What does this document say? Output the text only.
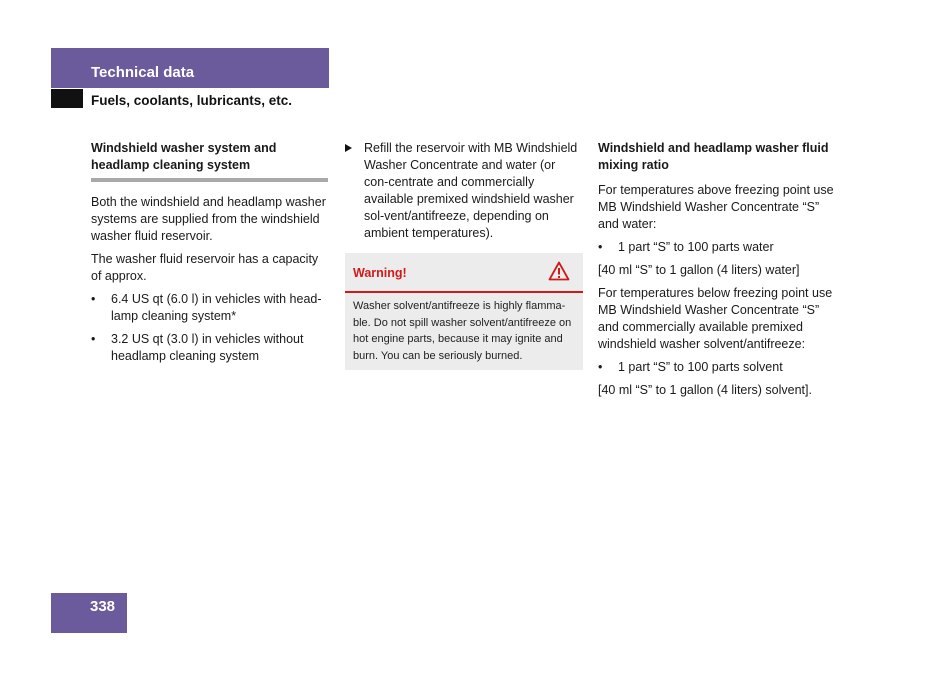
Technical data
Fuels, coolants, lubricants, etc.
Windshield washer system and
headlamp cleaning system

Both the windshield and headlamp washer systems are supplied from the windshield washer fluid reservoir.

The washer fluid reservoir has a capacity of approx.

• 6.4 US qt (6.0 l) in vehicles with head-lamp cleaning system*
• 3.2 US qt (3.0 l) in vehicles without headlamp cleaning system
Refill the reservoir with MB Windshield Washer Concentrate and water (or con-centrate and commercially available premixed windshield washer sol-vent/antifreeze, depending on ambient temperatures).
Warning!
Washer solvent/antifreeze is highly flamma-ble. Do not spill washer solvent/antifreeze on hot engine parts, because it may ignite and burn. You can be seriously burned.
Windshield and headlamp washer fluid
mixing ratio

For temperatures above freezing point use MB Windshield Washer Concentrate “S” and water:

• 1 part “S” to 100 parts water

[40 ml “S” to 1 gallon (4 liters) water]

For temperatures below freezing point use MB Windshield Washer Concentrate “S” and commercially available premixed windshield washer solvent/antifreeze:

• 1 part “S” to 100 parts solvent

[40 ml “S” to 1 gallon (4 liters) solvent].

338
